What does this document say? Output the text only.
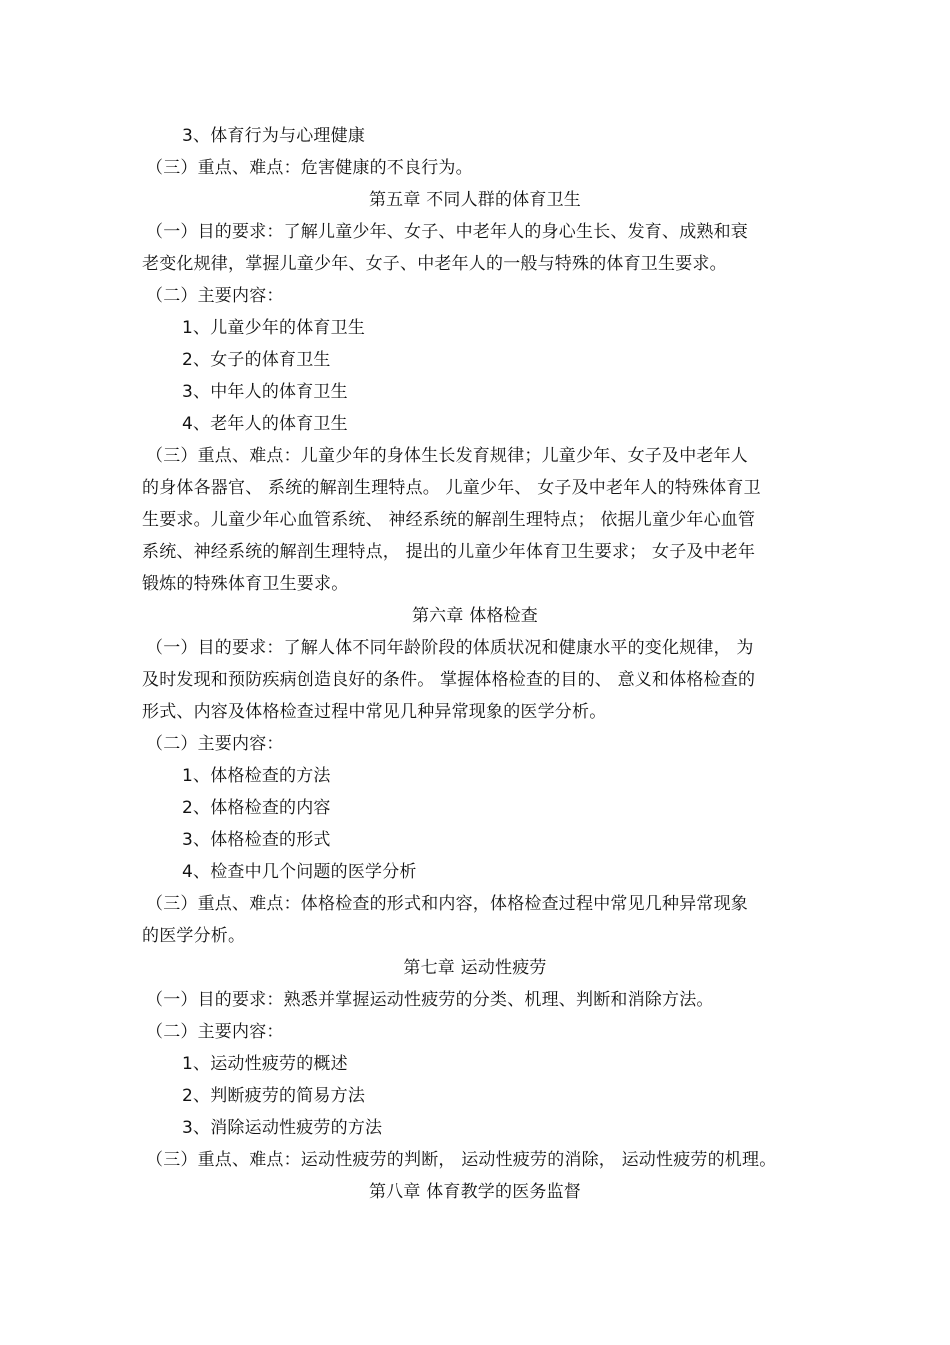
3、体育行为与心理健康
（三）重点、难点：危害健康的不良行为。
第五章 不同人群的体育卫生
（一）目的要求：了解儿童少年、女子、中老年人的身心生长、发育、成熟和衰
老变化规律，掌握儿童少年、女子、中老年人的一般与特殊的体育卫生要求。
（二）主要内容：
1、儿童少年的体育卫生
2、女子的体育卫生
3、中年人的体育卫生
4、老年人的体育卫生
（三）重点、难点：儿童少年的身体生长发育规律；儿童少年、女子及中老年人
的身体各器官、 系统的解剖生理特点。 儿童少年、 女子及中老年人的特殊体育卫
生要求。儿童少年心血管系统、 神经系统的解剖生理特点； 依据儿童少年心血管
系统、神经系统的解剖生理特点， 提出的儿童少年体育卫生要求； 女子及中老年
锻炼的特殊体育卫生要求。
第六章 体格检查
（一）目的要求：了解人体不同年龄阶段的体质状况和健康水平的变化规律， 为
及时发现和预防疾病创造良好的条件。 掌握体格检查的目的、 意义和体格检查的
形式、内容及体格检查过程中常见几种异常现象的医学分析。
（二）主要内容：
1、体格检查的方法
2、体格检查的内容
3、体格检查的形式
4、检查中几个问题的医学分析
（三）重点、难点：体格检查的形式和内容，体格检查过程中常见几种异常现象
的医学分析。
第七章 运动性疲劳
（一）目的要求：熟悉并掌握运动性疲劳的分类、机理、判断和消除方法。
（二）主要内容：
1、运动性疲劳的概述
2、判断疲劳的简易方法
3、消除运动性疲劳的方法
（三）重点、难点：运动性疲劳的判断， 运动性疲劳的消除， 运动性疲劳的机理。
第八章 体育教学的医务监督
